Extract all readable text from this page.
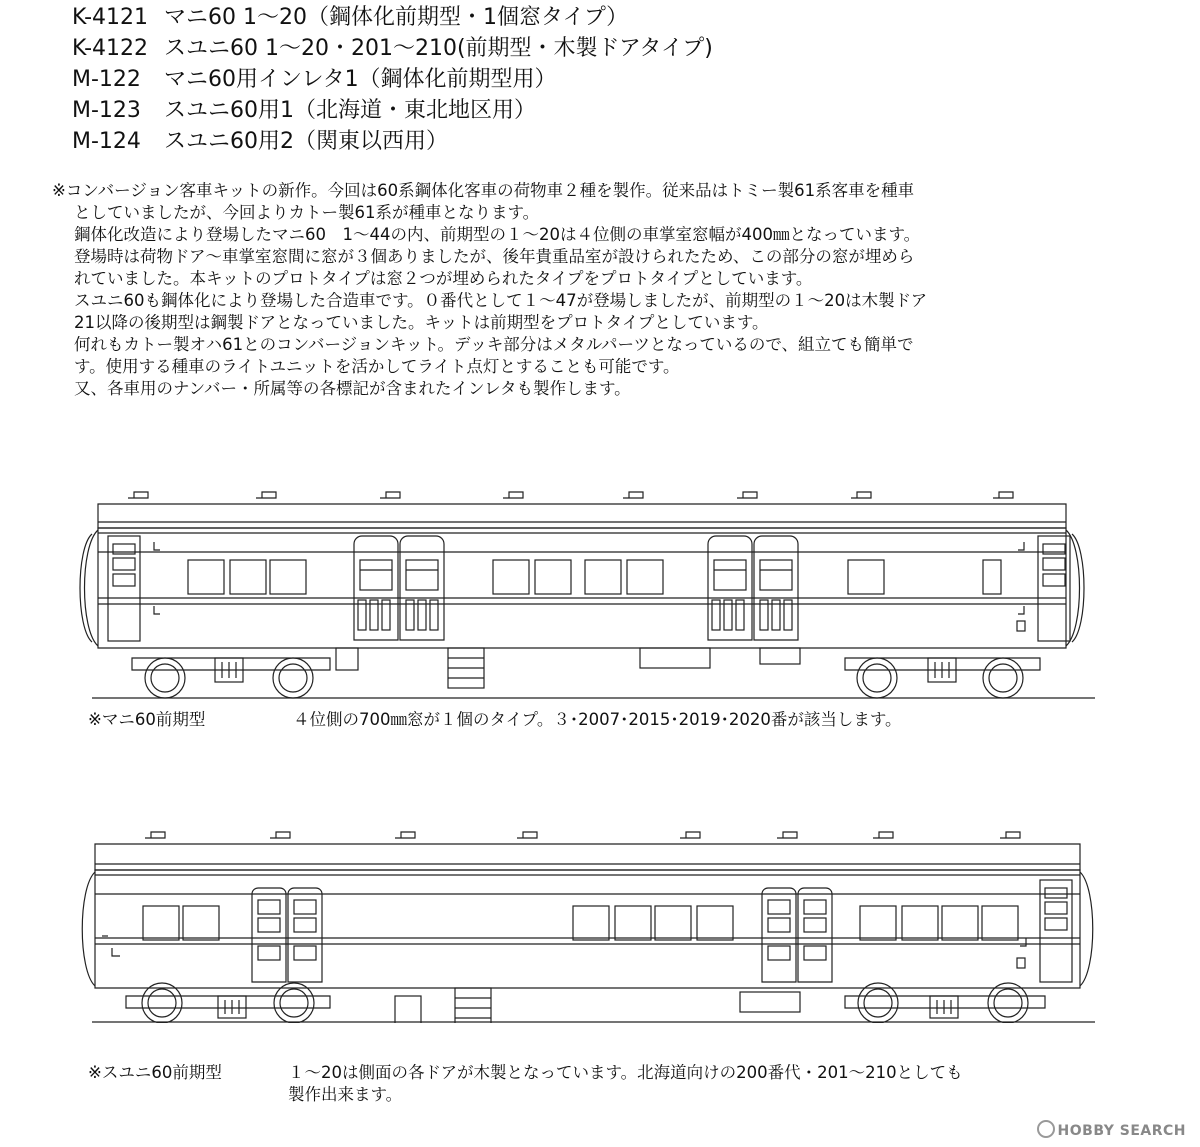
K-4121 マニ60 1～20（鋼体化前期型・1個窓タイプ）
K-4122 スユニ60 1～20・201～210(前期型・木製ドアタイプ)
M-122 マニ60用インレタ1（鋼体化前期型用）
M-123 スユニ60用1（北海道・東北地区用）
M-124 スユニ60用2（関東以西用）

※コンバージョン客車キットの新作。今回は60系鋼体化客車の荷物車２種を製作。従来品はトミー製61系客車を種車

としていましたが、今回よりカトー製61系が種車となります。

鋼体化改造により登場したマニ60　1～44の内、前期型の１～20は４位側の車掌室窓幅が400㎜となっています。

登場時は荷物ドア～車掌室窓間に窓が３個ありましたが、後年貴重品室が設けられたため、この部分の窓が埋めら

れていました。本キットのプロトタイプは窓２つが埋められたタイプをプロトタイプとしています。

スユニ60も鋼体化により登場した合造車です。０番代として１～47が登場しましたが、前期型の１～20は木製ドア

21以降の後期型は鋼製ドアとなっていました。キットは前期型をプロトタイプとしています。

何れもカトー製オハ61とのコンバージョンキット。デッキ部分はメタルパーツとなっているので、組立ても簡単で

す。使用する種車のライトユニットを活かしてライト点灯とすることも可能です。

又、各車用のナンバー・所属等の各標記が含まれたインレタも製作します。

※マニ60前期型	４位側の700㎜窓が１個のタイプ。３･2007･2015･2019･2020番が該当します。
※スユニ60前期型	１～20は側面の各ドアが木製となっています。北海道向けの200番代・201～210としても
製作出来ます。
HOBBY SEARCH
